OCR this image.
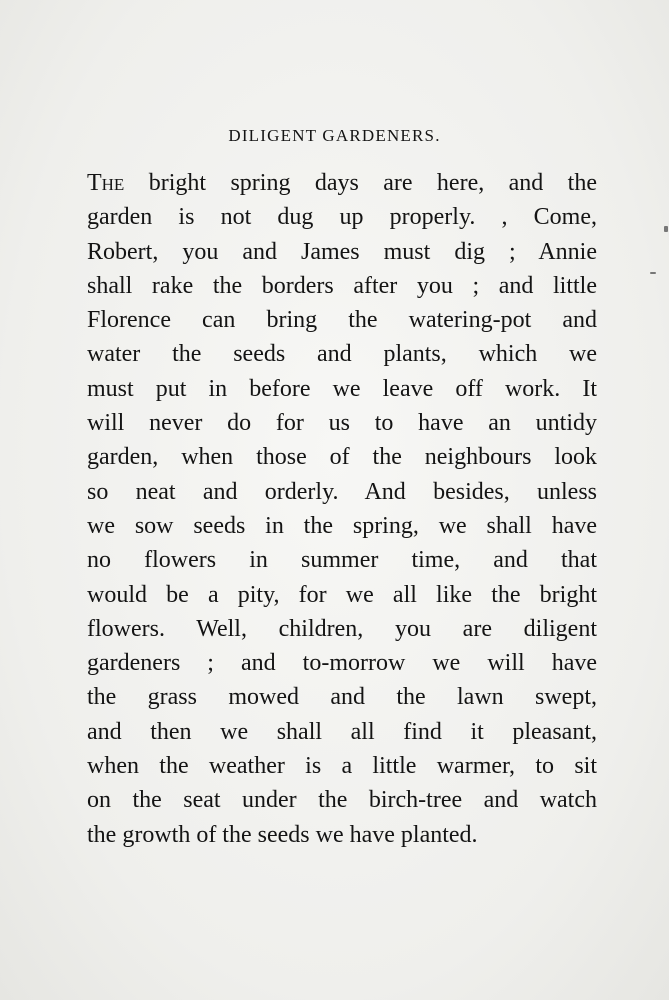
DILIGENT GARDENERS.
The bright spring days are here, and the
garden is not dug up properly. , Come,
Robert, you and James must dig ; Annie
shall rake the borders after you ; and little
Florence can bring the watering-pot and
water the seeds and plants, which we
must put in before we leave off work. It
will never do for us to have an untidy
garden, when those of the neighbours look
so neat and orderly. And besides, unless
we sow seeds in the spring, we shall have
no flowers in summer time, and that
would be a pity, for we all like the bright
flowers. Well, children, you are diligent
gardeners ; and to-morrow we will have
the grass mowed and the lawn swept,
and then we shall all find it pleasant,
when the weather is a little warmer, to sit
on the seat under the birch-tree and watch
the growth of the seeds we have planted.
